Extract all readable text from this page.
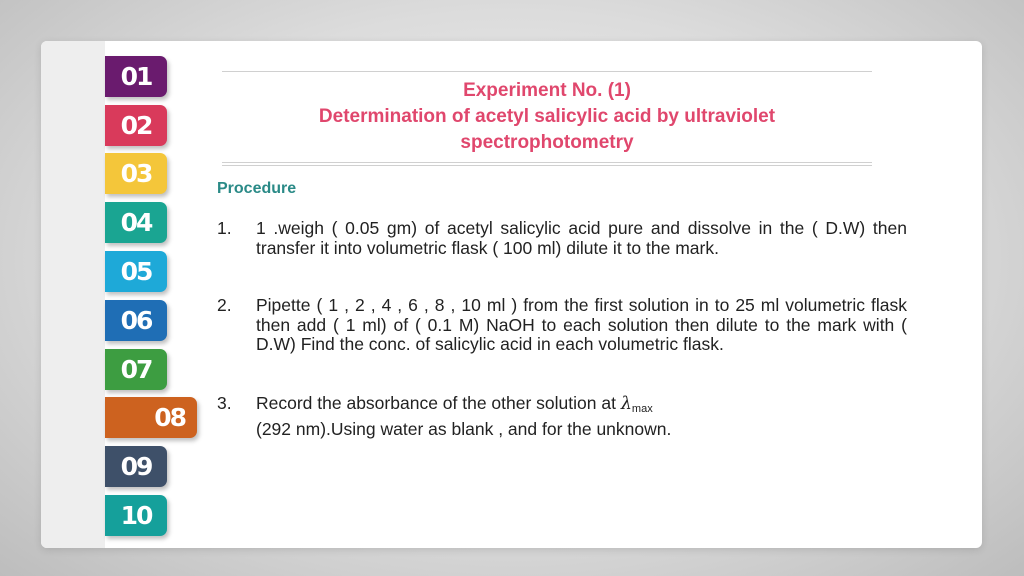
01
02
03
04
05
06
07
08
09
10
Experiment No. (1)
Determination of acetyl salicylic acid by ultraviolet
spectrophotometry
Procedure
1. 1 .weigh ( 0.05 gm) of acetyl salicylic acid pure and dissolve in the ( D.W) then transfer it into volumetric flask ( 100 ml) dilute it to the mark.
2. Pipette ( 1 , 2 , 4 , 6 , 8 , 10 ml ) from the first solution in to 25 ml volumetric flask then add ( 1 ml) of ( 0.1 M) NaOH to each solution then dilute to the mark with ( D.W) Find the conc. of salicylic acid in each volumetric flask.
3. Record the absorbance of the other solution at $\lambda_{max}$
(292 nm).Using water as blank , and for the unknown.
